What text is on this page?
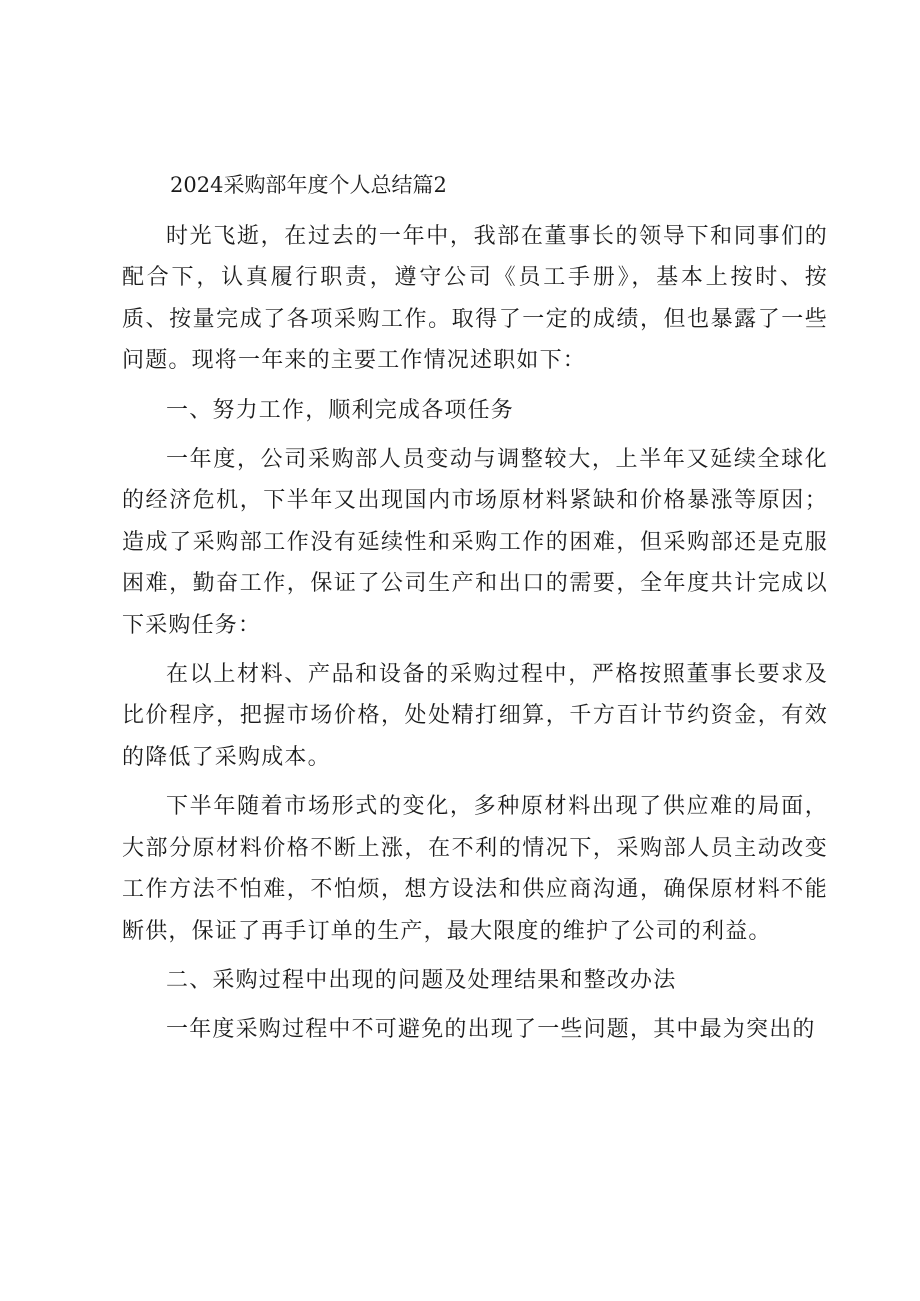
2024采购部年度个人总结篇2

时光飞逝，在过去的一年中，我部在董事长的领导下和同事们的配合下，认真履行职责，遵守公司《员工手册》，基本上按时、按质、按量完成了各项采购工作。取得了一定的成绩，但也暴露了一些问题。现将一年来的主要工作情况述职如下：

一、努力工作，顺利完成各项任务

一年度，公司采购部人员变动与调整较大，上半年又延续全球化的经济危机，下半年又出现国内市场原材料紧缺和价格暴涨等原因；造成了采购部工作没有延续性和采购工作的困难，但采购部还是克服困难，勤奋工作，保证了公司生产和出口的需要，全年度共计完成以下采购任务：

在以上材料、产品和设备的采购过程中，严格按照董事长要求及比价程序，把握市场价格，处处精打细算，千方百计节约资金，有效的降低了采购成本。

下半年随着市场形式的变化，多种原材料出现了供应难的局面，大部分原材料价格不断上涨，在不利的情况下，采购部人员主动改变工作方法不怕难，不怕烦，想方设法和供应商沟通，确保原材料不能断供，保证了再手订单的生产，最大限度的维护了公司的利益。

二、采购过程中出现的问题及处理结果和整改办法

一年度采购过程中不可避免的出现了一些问题，其中最为突出的
